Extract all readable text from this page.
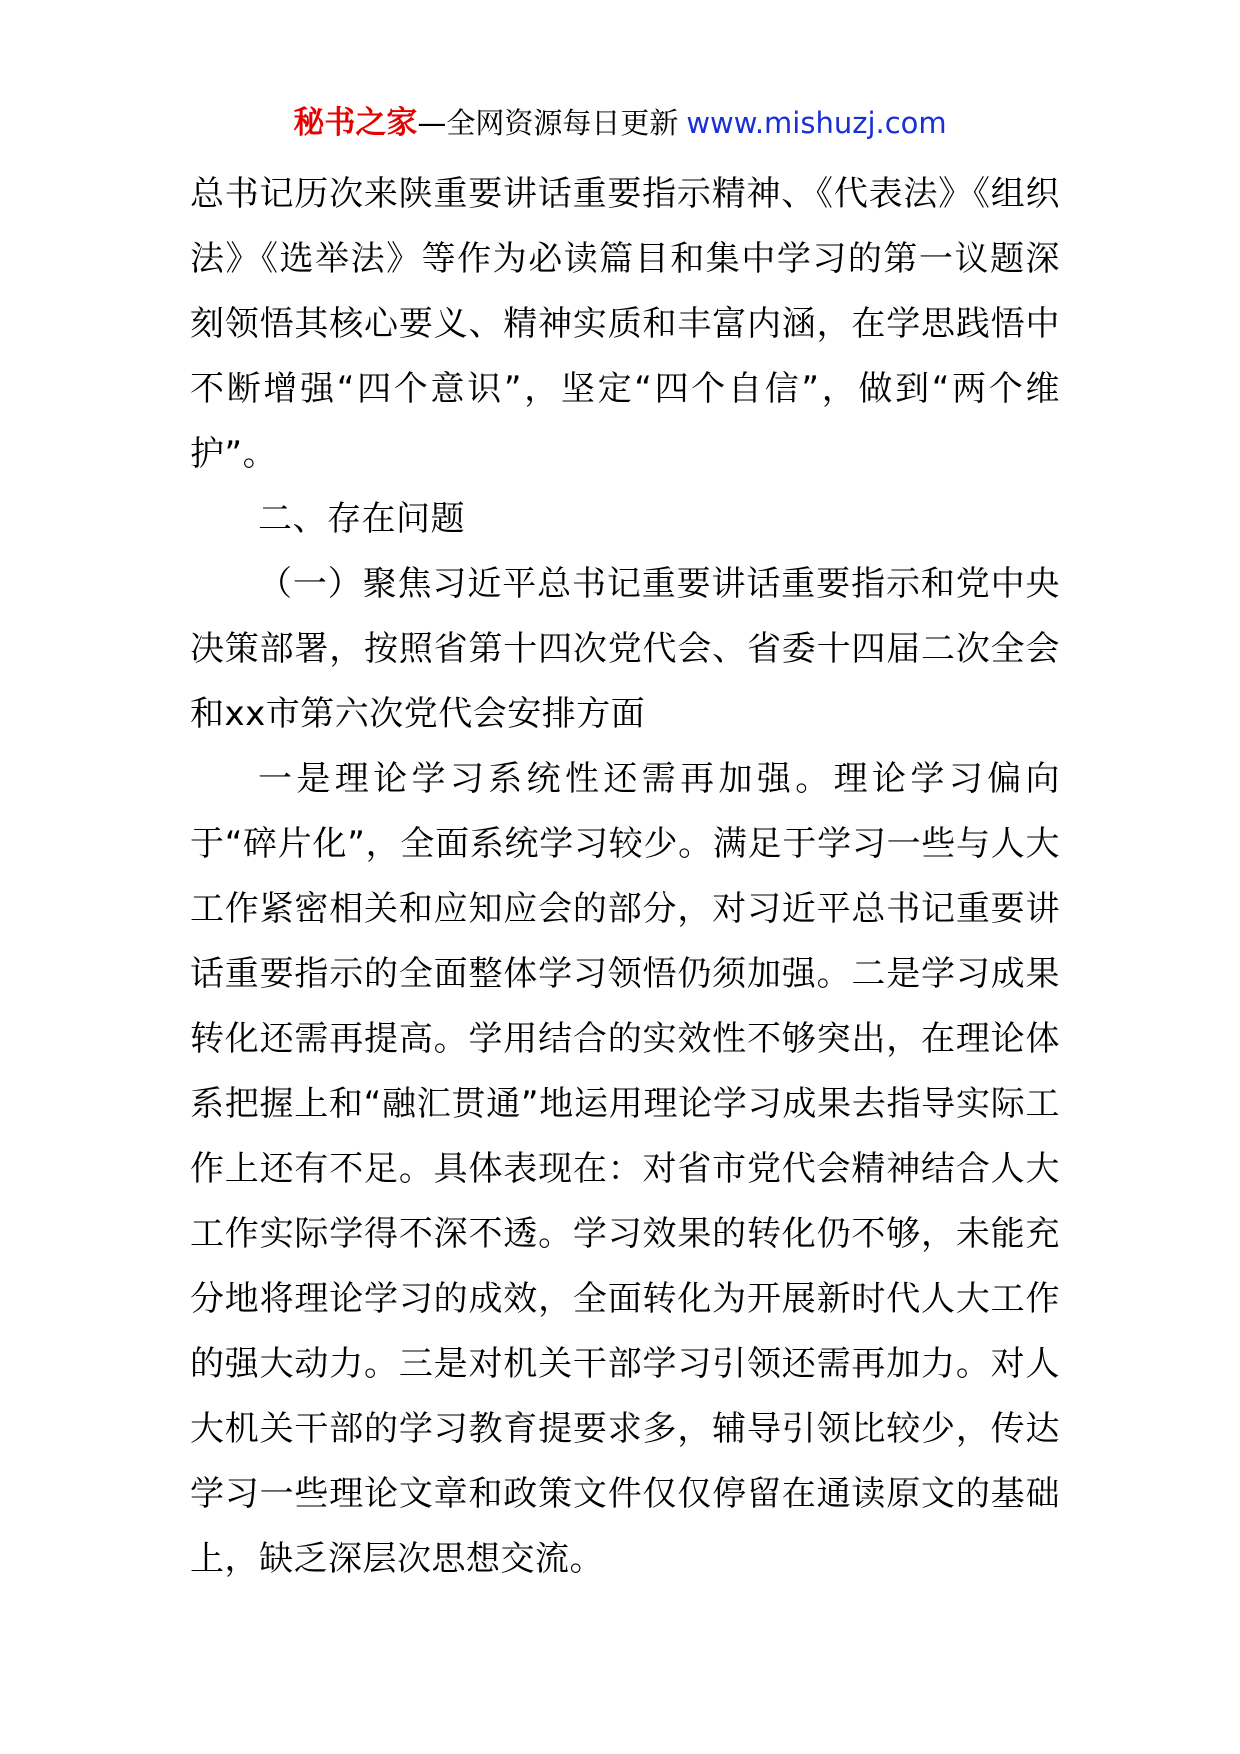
秘书之家—全网资源每日更新 www.mishuzj.com

总书记历次来陕重要讲话重要指示精神、《代表法》《组织法》《选举法》等作为必读篇目和集中学习的第一议题深刻领悟其核心要义、精神实质和丰富内涵，在学思践悟中不断增强“四个意识”，坚定“四个自信”，做到“两个维护”。

二、存在问题

（一）聚焦习近平总书记重要讲话重要指示和党中央决策部署，按照省第十四次党代会、省委十四届二次全会和xx市第六次党代会安排方面

一是理论学习系统性还需再加强。理论学习偏向于“碎片化”，全面系统学习较少。满足于学习一些与人大工作紧密相关和应知应会的部分，对习近平总书记重要讲话重要指示的全面整体学习领悟仍须加强。二是学习成果转化还需再提高。学用结合的实效性不够突出，在理论体系把握上和“融汇贯通”地运用理论学习成果去指导实际工作上还有不足。具体表现在：对省市党代会精神结合人大工作实际学得不深不透。学习效果的转化仍不够，未能充分地将理论学习的成效，全面转化为开展新时代人大工作的强大动力。三是对机关干部学习引领还需再加力。对人大机关干部的学习教育提要求多，辅导引领比较少，传达学习一些理论文章和政策文件仅仅停留在通读原文的基础上，缺乏深层次思想交流。
